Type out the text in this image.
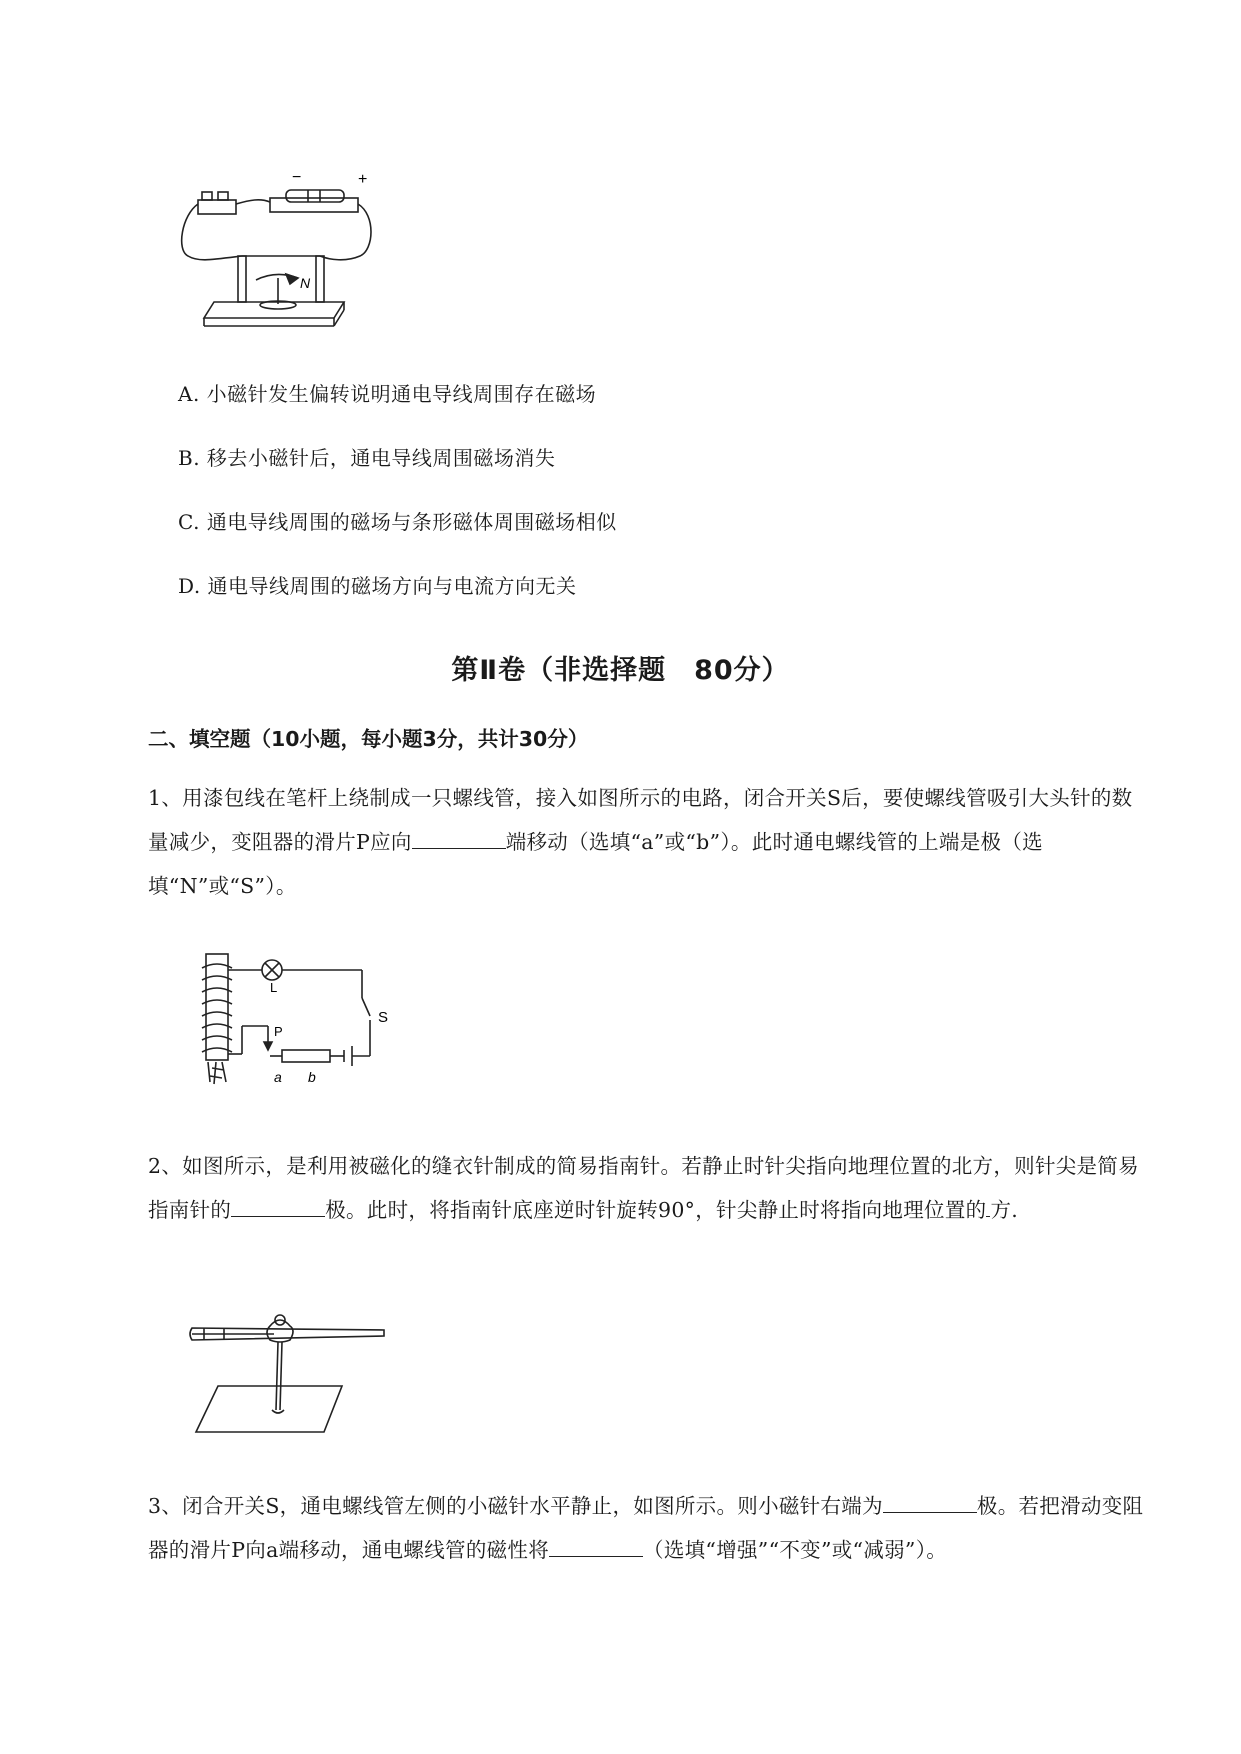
−	+
N
A. 小磁针发生偏转说明通电导线周围存在磁场
B. 移去小磁针后，通电导线周围磁场消失
C. 通电导线周围的磁场与条形磁体周围磁场相似
D. 通电导线周围的磁场方向与电流方向无关
第Ⅱ卷（非选择题　80分）
二、填空题（10小题，每小题3分，共计30分）
1、用漆包线在笔杆上绕制成一只螺线管，接入如图所示的电路，闭合开关S后，要使螺线管吸引大头针的数量减少，变阻器的滑片P应向	端移动（选填“a”或“b”）。此时通电螺线管的上端是极（选填“N”或“S”）。
L
S
P
a b
2、如图所示，是利用被磁化的缝衣针制成的简易指南针。若静止时针尖指向地理位置的北方，则针尖是简易指南针的	极。此时，将指南针底座逆时针旋转90°，针尖静止时将指向地理位置的 方.
3、闭合开关S，通电螺线管左侧的小磁针水平静止，如图所示。则小磁针右端为	极。若把滑动变阻器的滑片P向a端移动，通电螺线管的磁性将	（选填“增强”“不变”或“减弱”）。
